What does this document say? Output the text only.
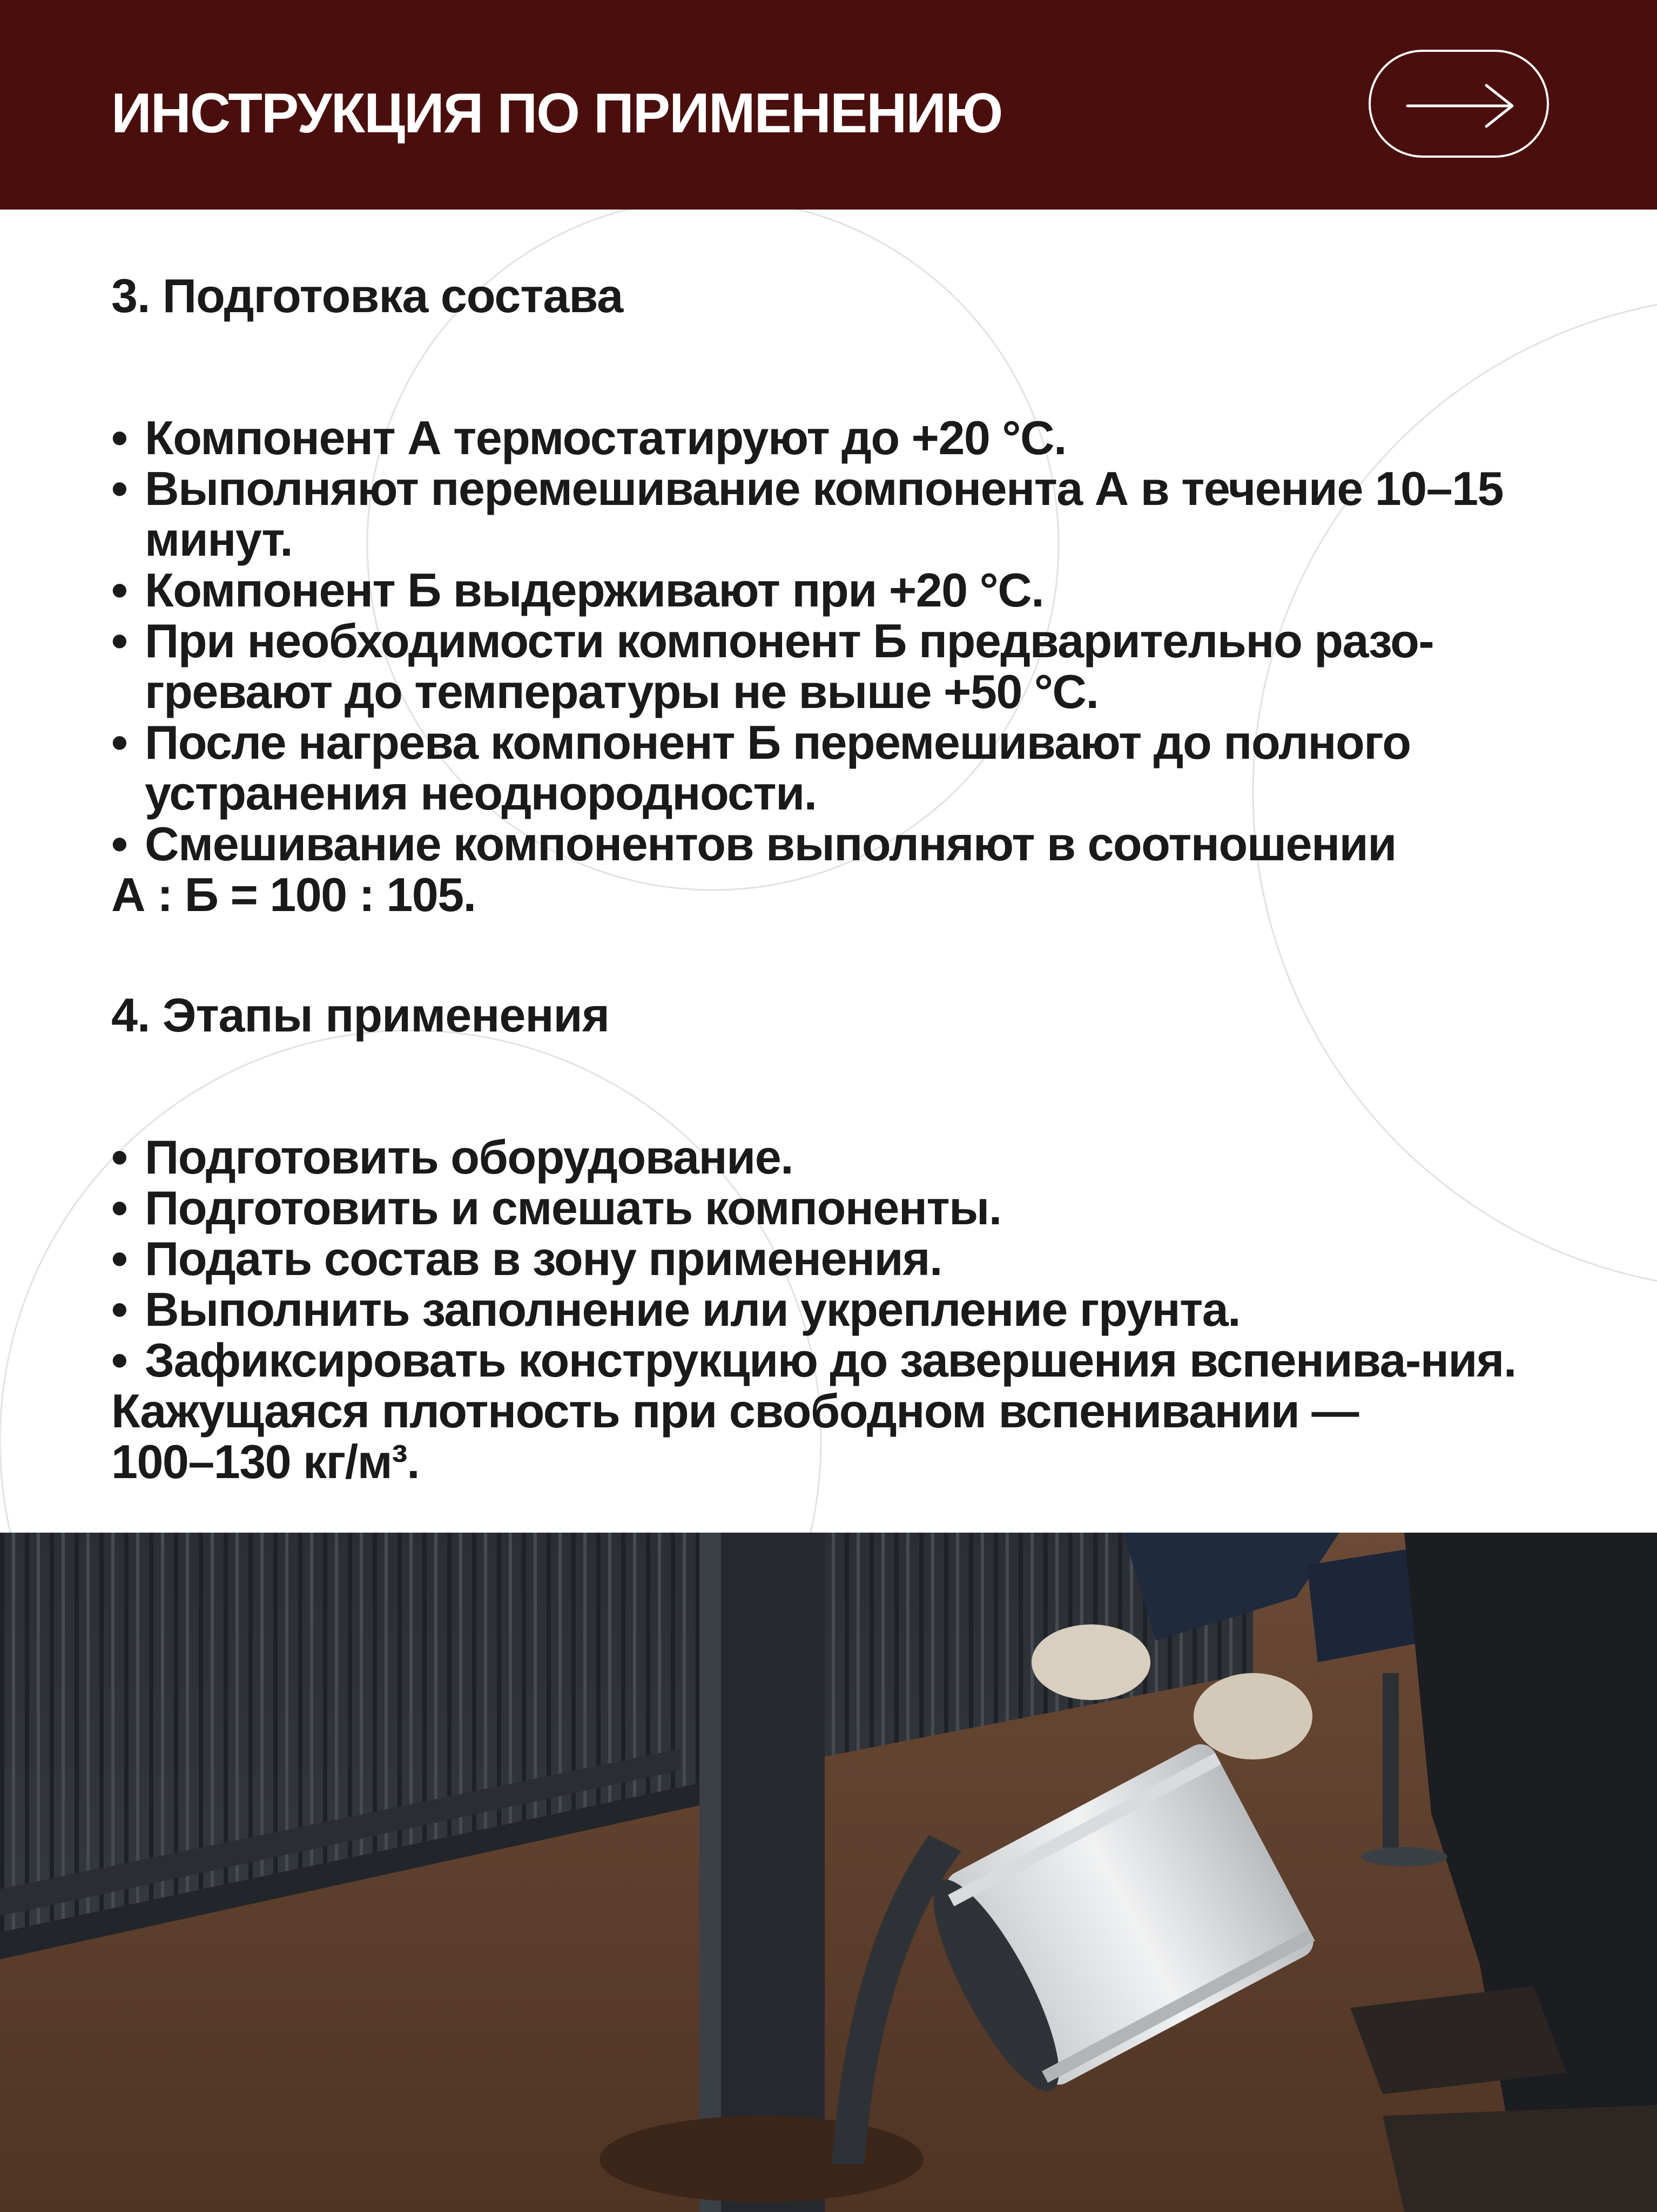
ИНСТРУКЦИЯ ПО ПРИМЕНЕНИЮ
3. Подготовка состава
• Компонент А термостатируют до +20 °С.
• Выполняют перемешивание компонента А в течение 10–15 минут.
• Компонент Б выдерживают при +20 °С.
• При необходимости компонент Б предварительно разо-гревают до температуры не выше +50 °С.
• После нагрева компонент Б перемешивают до полного устранения неоднородности.
• Смешивание компонентов выполняют в соотношении
А : Б = 100 : 105.
4. Этапы применения
• Подготовить оборудование.
• Подготовить и смешать компоненты.
• Подать состав в зону применения.
• Выполнить заполнение или укрепление грунта.
• Зафиксировать конструкцию до завершения вспенива-ния.
Кажущаяся плотность при свободном вспенивании —
100–130 кг/м³.
